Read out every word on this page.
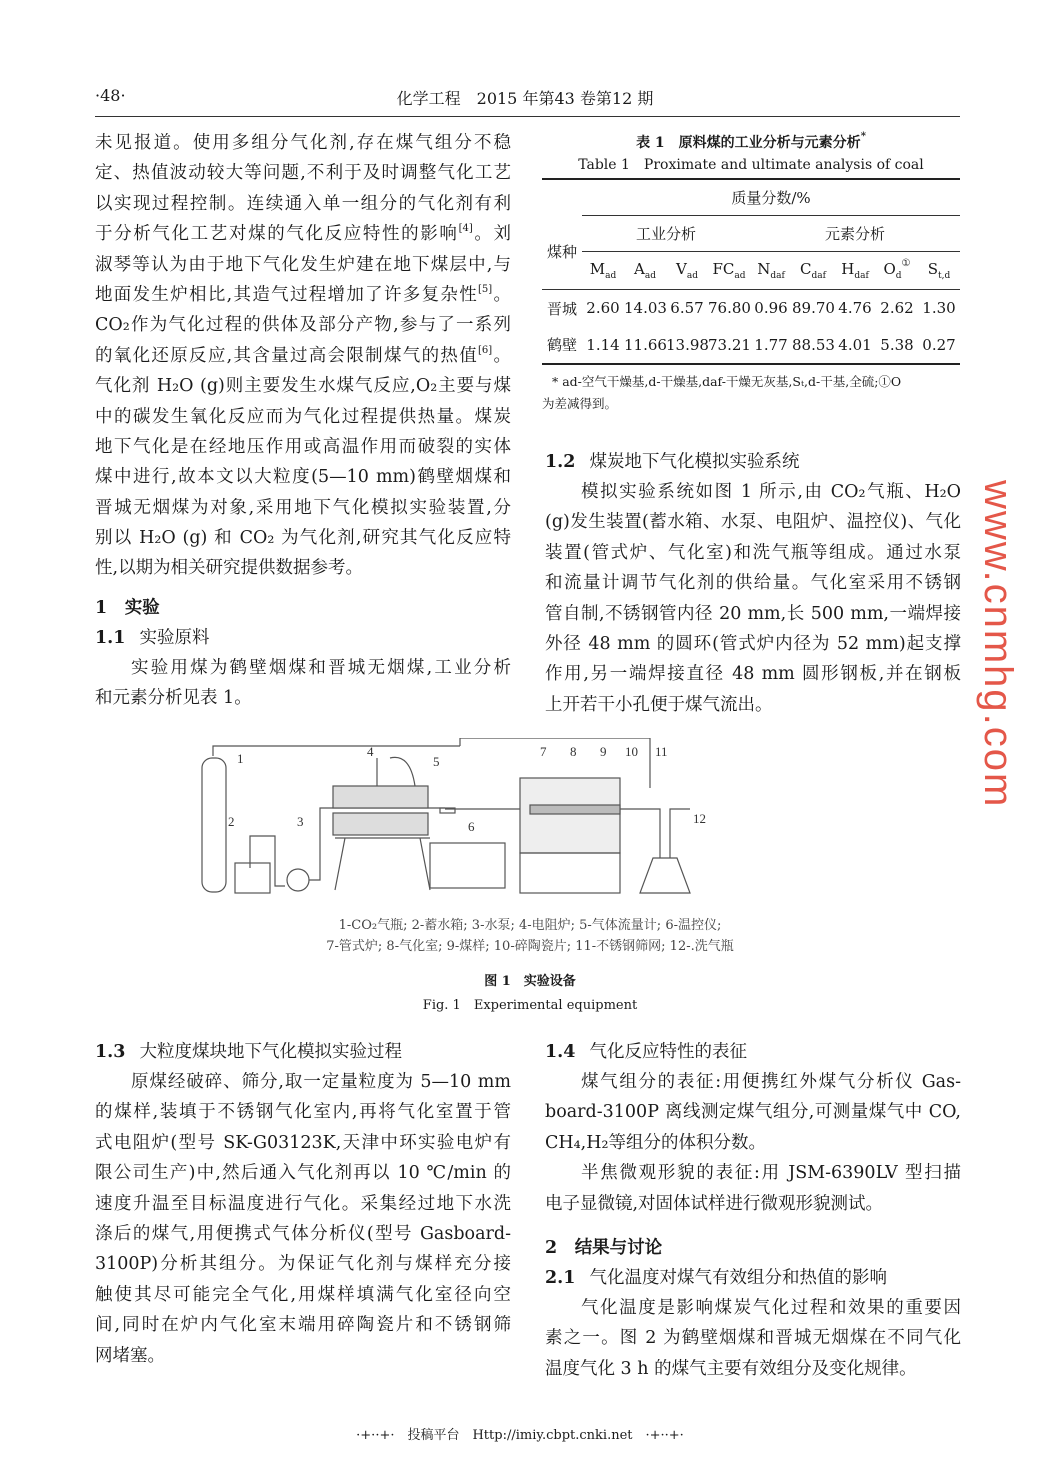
·48·	化学工程　2015 年第43 卷第12 期
未见报道。使用多组分气化剂,存在煤气组分不稳
定、热值波动较大等问题,不利于及时调整气化工艺
以实现过程控制。连续通入单一组分的气化剂有利
于分析气化工艺对煤的气化反应特性的影响[4]。刘
淑琴等认为由于地下气化发生炉建在地下煤层中,与
地面发生炉相比,其造气过程增加了许多复杂性[5]。
CO₂作为气化过程的供体及部分产物,参与了一系列
的氧化还原反应,其含量过高会限制煤气的热值[6]。
气化剂 H₂O (g)则主要发生水煤气反应,O₂主要与煤
中的碳发生氧化反应而为气化过程提供热量。煤炭
地下气化是在经地压作用或高温作用而破裂的实体
煤中进行,故本文以大粒度(5—10 mm)鹤壁烟煤和
晋城无烟煤为对象,采用地下气化模拟实验装置,分
别以 H₂O (g) 和 CO₂ 为气化剂,研究其气化反应特
性,以期为相关研究提供数据参考。
1　 实验
1.1 实验原料
实验用煤为鹤壁烟煤和晋城无烟煤,工业分析
和元素分析见表 1。
表 1　原料煤的工业分析与元素分析*
Table 1　Proximate and ultimate analysis of coal
	质量分数/%								
煤种	工业分析				元素分析				
	$M_{ad}$	$A_{ad}$	$V_{ad}$	$FC_{ad}$	$N_{daf}$	$C_{daf}$	$H_{daf}$	$O_d^①$	$S_{t,d}$
晋城	2.60	14.03	6.57	76.80	0.96	89.70	4.76	2.62	1.30
鹤壁	1.14	11.66	13.98	73.21	1.77	88.53	4.01	5.38	0.27
* ad-空气干燥基,d-干燥基,daf-干燥无灰基,Sₜ,d-干基,全硫;①O
为差减得到。
1.2 煤炭地下气化模拟实验系统
模拟实验系统如图 1 所示,由 CO₂气瓶、H₂O
(g)发生装置(蓄水箱、水泵、电阻炉、温控仪)、气化
装置(管式炉、气化室)和洗气瓶等组成。通过水泵
和流量计调节气化剂的供给量。气化室采用不锈钢
管自制,不锈钢管内径 20 mm,长 500 mm,一端焊接
外径 48 mm 的圆环(管式炉内径为 52 mm)起支撑
作用,另一端焊接直径 48 mm 圆形钢板,并在钢板
上开若干小孔便于煤气流出。
1
2	3
4
5
6
7 8 9 10 11
12
1-CO₂气瓶; 2-蓄水箱; 3-水泵; 4-电阻炉; 5-气体流量计; 6-温控仪;
7-管式炉; 8-气化室; 9-煤样; 10-碎陶瓷片; 11-不锈钢筛网; 12-.洗气瓶
图 1　实验设备
Fig. 1　Experimental equipment
1.3 大粒度煤块地下气化模拟实验过程
原煤经破碎、筛分,取一定量粒度为 5—10 mm
的煤样,装填于不锈钢气化室内,再将气化室置于管
式电阻炉(型号 SK-G03123K,天津中环实验电炉有
限公司生产)中,然后通入气化剂再以 10 ℃/min 的
速度升温至目标温度进行气化。采集经过地下水洗
涤后的煤气,用便携式气体分析仪(型号 Gasboard-
3100P)分析其组分。为保证气化剂与煤样充分接
触使其尽可能完全气化,用煤样填满气化室径向空
间,同时在炉内气化室末端用碎陶瓷片和不锈钢筛
网堵塞。
1.4 气化反应特性的表征
煤气组分的表征:用便携红外煤气分析仪 Gas-
board-3100P 离线测定煤气组分,可测量煤气中 CO,
CH₄,H₂等组分的体积分数。
半焦微观形貌的表征:用 JSM-6390LV 型扫描
电子显微镜,对固体试样进行微观形貌测试。
2　 结果与讨论
2.1 气化温度对煤气有效组分和热值的影响
气化温度是影响煤炭气化过程和效果的重要因
素之一。图 2 为鹤壁烟煤和晋城无烟煤在不同气化
温度气化 3 h 的煤气主要有效组分及变化规律。
www.cnmhg.com
·+··+·　投稿平台　Http://imiy.cbpt.cnki.net　·+··+·
